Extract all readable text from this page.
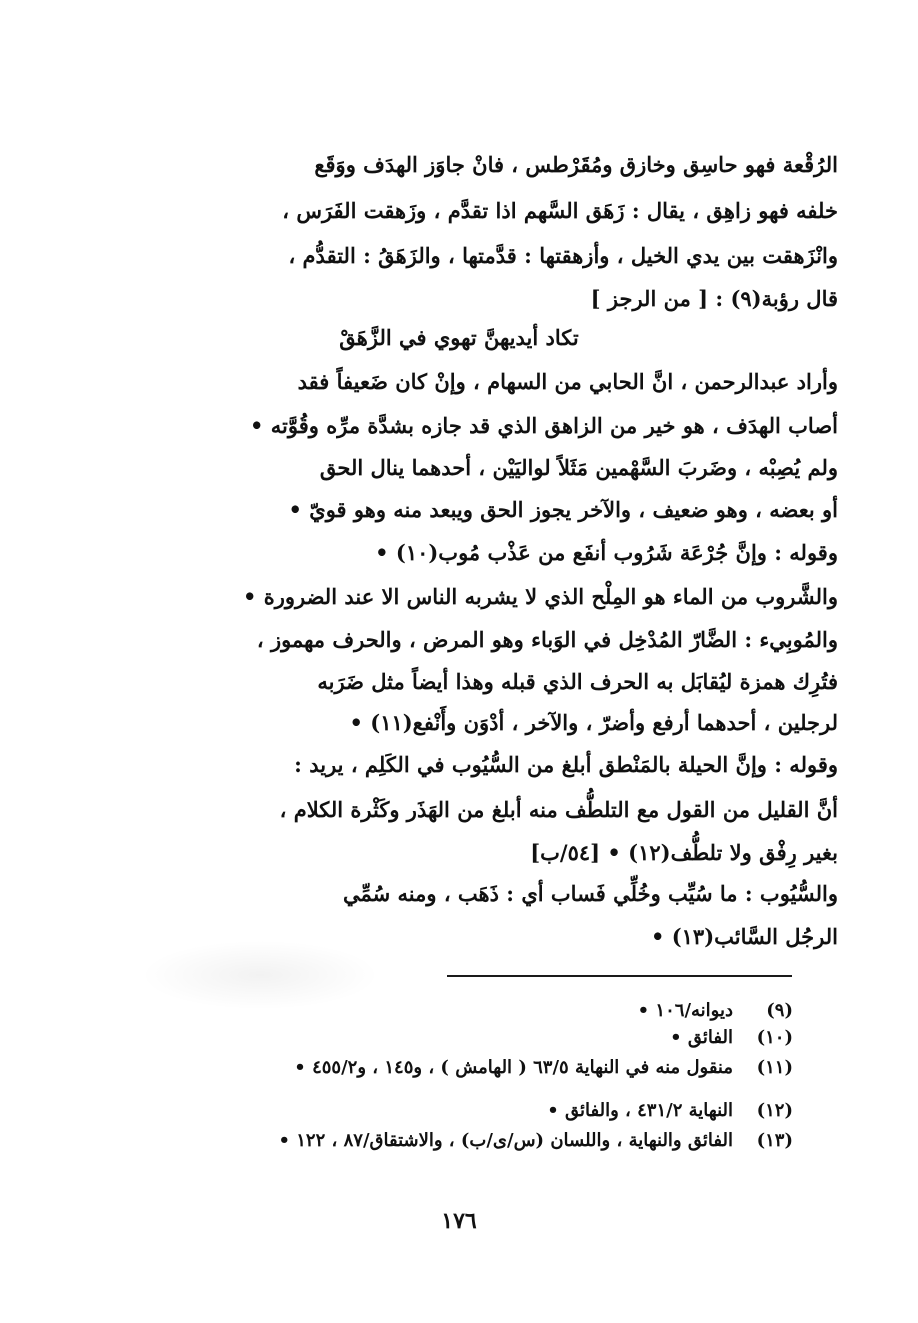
الرُقْعة فهو حاسِق وخازق ومُقَرْطس ، فانْ جاوَز الهدَف ووَقَع
خلفه فهو زاهِق ، يقال : زَهَق السَّهم اذا تقدَّم ، وزَهقت الفَرَس ،
وانْزَهقت بين يدي الخيل ، وأزهقتها : قدَّمتها ، والزَهَقُ : التقدُّم ،
قال رؤبة(٩) : [ من الرجز ]
تكاد أيديهنَّ تهوي في الزَّهَقْ
وأراد عبدالرحمن ، انَّ الحابي من السهام ، وإنْ كان ضَعيفاً فقد
أصاب الهدَف ، هو خير من الزاهق الذي قد جازه بشدَّة مرِّه وقُوَّته •
ولم يُصِبْه ، وضَربَ السَّهْمين مَثَلاً لواليَيْن ، أحدهما ينال الحق
أو بعضه ، وهو ضعيف ، والآخر يجوز الحق ويبعد منه وهو قويّ •
وقوله : وإنَّ جُرْعَة شَرُوب أنفَع من عَذْب مُوب(١٠) •
والشَّروب من الماء هو المِلْح الذي لا يشربه الناس الا عند الضرورة •
والمُوبِيء : الضَّارّ المُدْخِل في الوَباء وهو المرض ، والحرف مهموز ،
فتُرِك همزة ليُقابَل به الحرف الذي قبله وهذا أيضاً مثل ضَرَبه
لرجلين ، أحدهما أرفع وأضرّ ، والآخر ، أدْوَن وأَنْفع(١١) •
وقوله : وإنَّ الحيلة بالمَنْطق أبلغ من السُّيُوب في الكَلِم ، يريد :
أنَّ القليل من القول مع التلطُّف منه أبلغ من الهَذَر وكَثْرة الكلام ،
بغير رِفْق ولا تلطُّف(١٢) • [٥٤/ب]
والسُّيُوب : ما سُيِّب وخُلِّي فَساب أي : ذَهَب ، ومنه سُمِّي
الرجُل السَّائب(١٣) •
(٩)
ديوانه/١٠٦ •
(١٠)
الفائق •
(١١)
منقول منه في النهاية ٦٣/٥ ( الهامش ) ، و١٤٥ ، و٤٥٥/٢ •
(١٢)
النهاية ٤٣١/٢ ، والفائق •
(١٣)
الفائق والنهاية ، واللسان (س/ى/ب) ، والاشتقاق/٨٧ ، ١٢٢ •
١٧٦
